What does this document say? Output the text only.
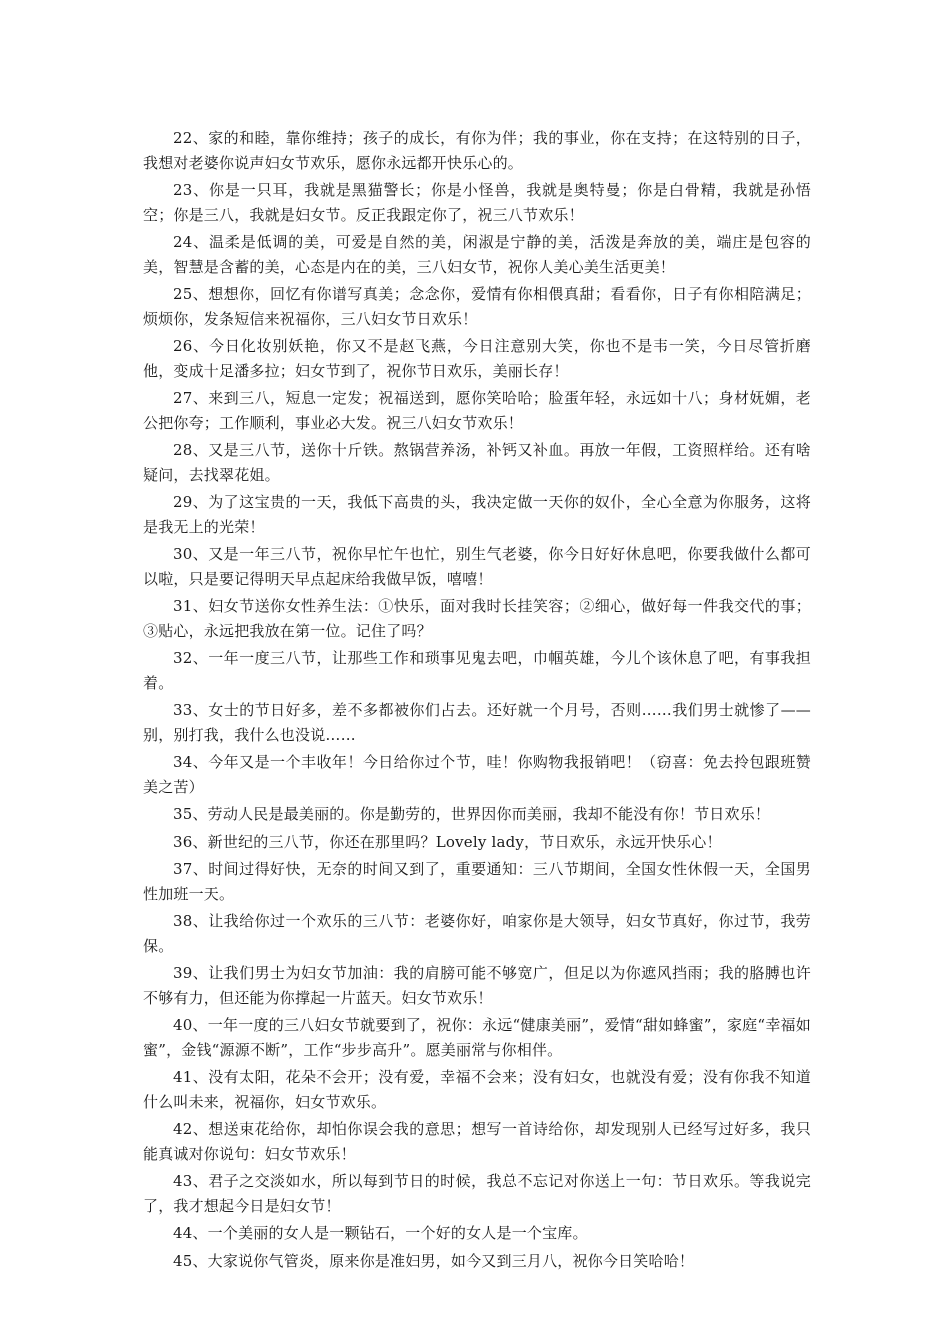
22、家的和睦，靠你维持；孩子的成长，有你为伴；我的事业，你在支持；在这特别的日子，我想对老婆你说声妇女节欢乐，愿你永远都开快乐心的。

23、你是一只耳，我就是黑猫警长；你是小怪兽，我就是奥特曼；你是白骨精，我就是孙悟空；你是三八，我就是妇女节。反正我跟定你了，祝三八节欢乐！

24、温柔是低调的美，可爱是自然的美，闲淑是宁静的美，活泼是奔放的美，端庄是包容的美，智慧是含蓄的美，心态是内在的美，三八妇女节，祝你人美心美生活更美！

25、想想你，回忆有你谱写真美；念念你，爱情有你相偎真甜；看看你，日子有你相陪满足；烦烦你，发条短信来祝福你，三八妇女节日欢乐！

26、今日化妆别妖艳，你又不是赵飞燕，今日注意别大笑，你也不是韦一笑，今日尽管折磨他，变成十足潘多拉；妇女节到了，祝你节日欢乐，美丽长存！

27、来到三八，短息一定发；祝福送到，愿你笑哈哈；脸蛋年轻，永远如十八；身材妩媚，老公把你夸；工作顺利，事业必大发。祝三八妇女节欢乐！

28、又是三八节，送你十斤铁。熬锅营养汤，补钙又补血。再放一年假，工资照样给。还有啥疑问，去找翠花姐。

29、为了这宝贵的一天，我低下高贵的头，我决定做一天你的奴仆，全心全意为你服务，这将是我无上的光荣！

30、又是一年三八节，祝你早忙午也忙，别生气老婆，你今日好好休息吧，你要我做什么都可以啦，只是要记得明天早点起床给我做早饭，嘻嘻！

31、妇女节送你女性养生法：①快乐，面对我时长挂笑容；②细心，做好每一件我交代的事；③贴心，永远把我放在第一位。记住了吗？

32、一年一度三八节，让那些工作和琐事见鬼去吧，巾帼英雄，今儿个该休息了吧，有事我担着。

33、女士的节日好多，差不多都被你们占去。还好就一个月号，否则……我们男士就惨了——别，别打我，我什么也没说……

34、今年又是一个丰收年！今日给你过个节，哇！你购物我报销吧！（窃喜：免去拎包跟班赞美之苦）

35、劳动人民是最美丽的。你是勤劳的，世界因你而美丽，我却不能没有你！节日欢乐！

36、新世纪的三八节，你还在那里吗？Lovely lady，节日欢乐，永远开快乐心！

37、时间过得好快，无奈的时间又到了，重要通知：三八节期间，全国女性休假一天，全国男性加班一天。

38、让我给你过一个欢乐的三八节：老婆你好，咱家你是大领导，妇女节真好，你过节，我劳保。

39、让我们男士为妇女节加油：我的肩膀可能不够宽广，但足以为你遮风挡雨；我的胳膊也许不够有力，但还能为你撑起一片蓝天。妇女节欢乐！

40、一年一度的三八妇女节就要到了，祝你：永远“健康美丽”，爱情“甜如蜂蜜”，家庭“幸福如蜜”，金钱“源源不断”，工作“步步高升”。愿美丽常与你相伴。

41、没有太阳，花朵不会开；没有爱，幸福不会来；没有妇女，也就没有爱；没有你我不知道什么叫未来，祝福你，妇女节欢乐。

42、想送束花给你，却怕你误会我的意思；想写一首诗给你，却发现别人已经写过好多，我只能真诚对你说句：妇女节欢乐！

43、君子之交淡如水，所以每到节日的时候，我总不忘记对你送上一句：节日欢乐。等我说完了，我才想起今日是妇女节！

44、一个美丽的女人是一颗钻石，一个好的女人是一个宝库。

45、大家说你气管炎，原来你是准妇男，如今又到三月八，祝你今日笑哈哈！
